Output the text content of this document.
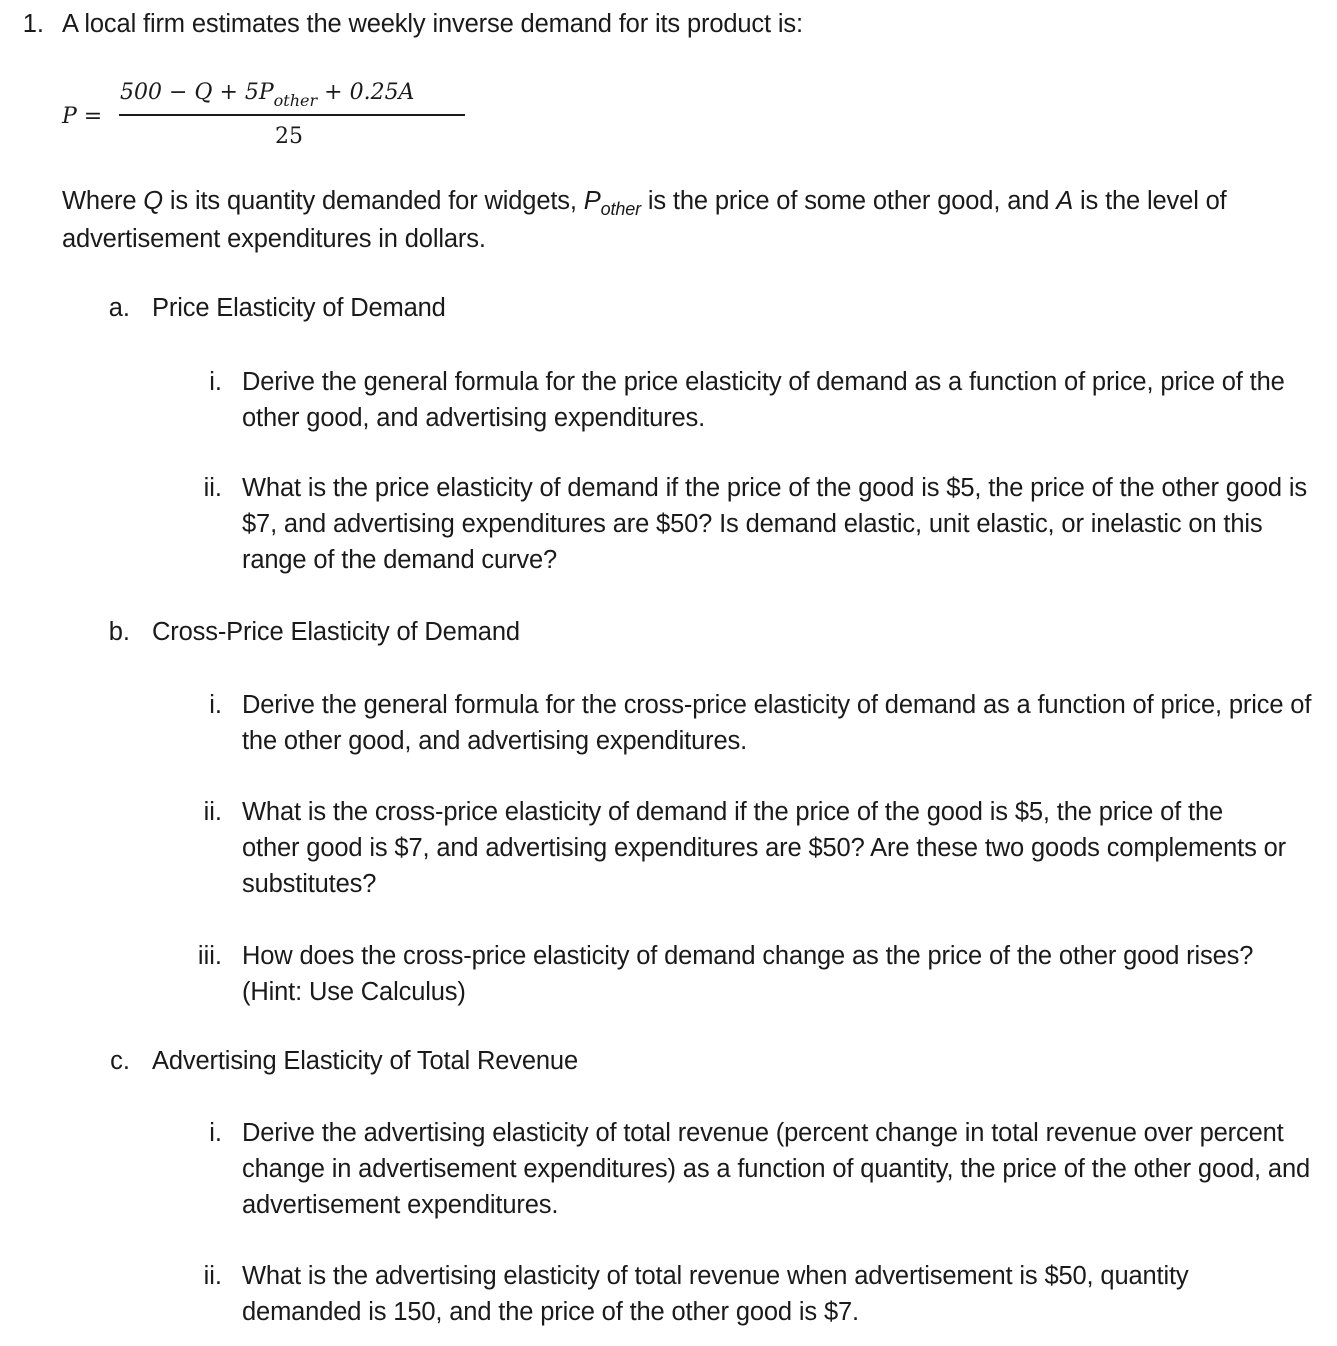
1. A local firm estimates the weekly inverse demand for its product is:
P =
$500 - Q + 5P_{other} + 0.25A$
25
Where Q is its quantity demanded for widgets, $P_{other}$ is the price of some other good, and A is the level of advertisement expenditures in dollars.
a. Price Elasticity of Demand
i. Derive the general formula for the price elasticity of demand as a function of price, price of the other good, and advertising expenditures.
ii. What is the price elasticity of demand if the price of the good is $5, the price of the other good is $7, and advertising expenditures are $50? Is demand elastic, unit elastic, or inelastic on this range of the demand curve?
b. Cross-Price Elasticity of Demand
i. Derive the general formula for the cross-price elasticity of demand as a function of price, price of the other good, and advertising expenditures.
ii. What is the cross-price elasticity of demand if the price of the good is $5, the price of the other good is $7, and advertising expenditures are $50? Are these two goods complements or substitutes?
iii. How does the cross-price elasticity of demand change as the price of the other good rises? (Hint: Use Calculus)
c. Advertising Elasticity of Total Revenue
i. Derive the advertising elasticity of total revenue (percent change in total revenue over percent change in advertisement expenditures) as a function of quantity, the price of the other good, and advertisement expenditures.
ii. What is the advertising elasticity of total revenue when advertisement is $50, quantity demanded is 150, and the price of the other good is $7.
